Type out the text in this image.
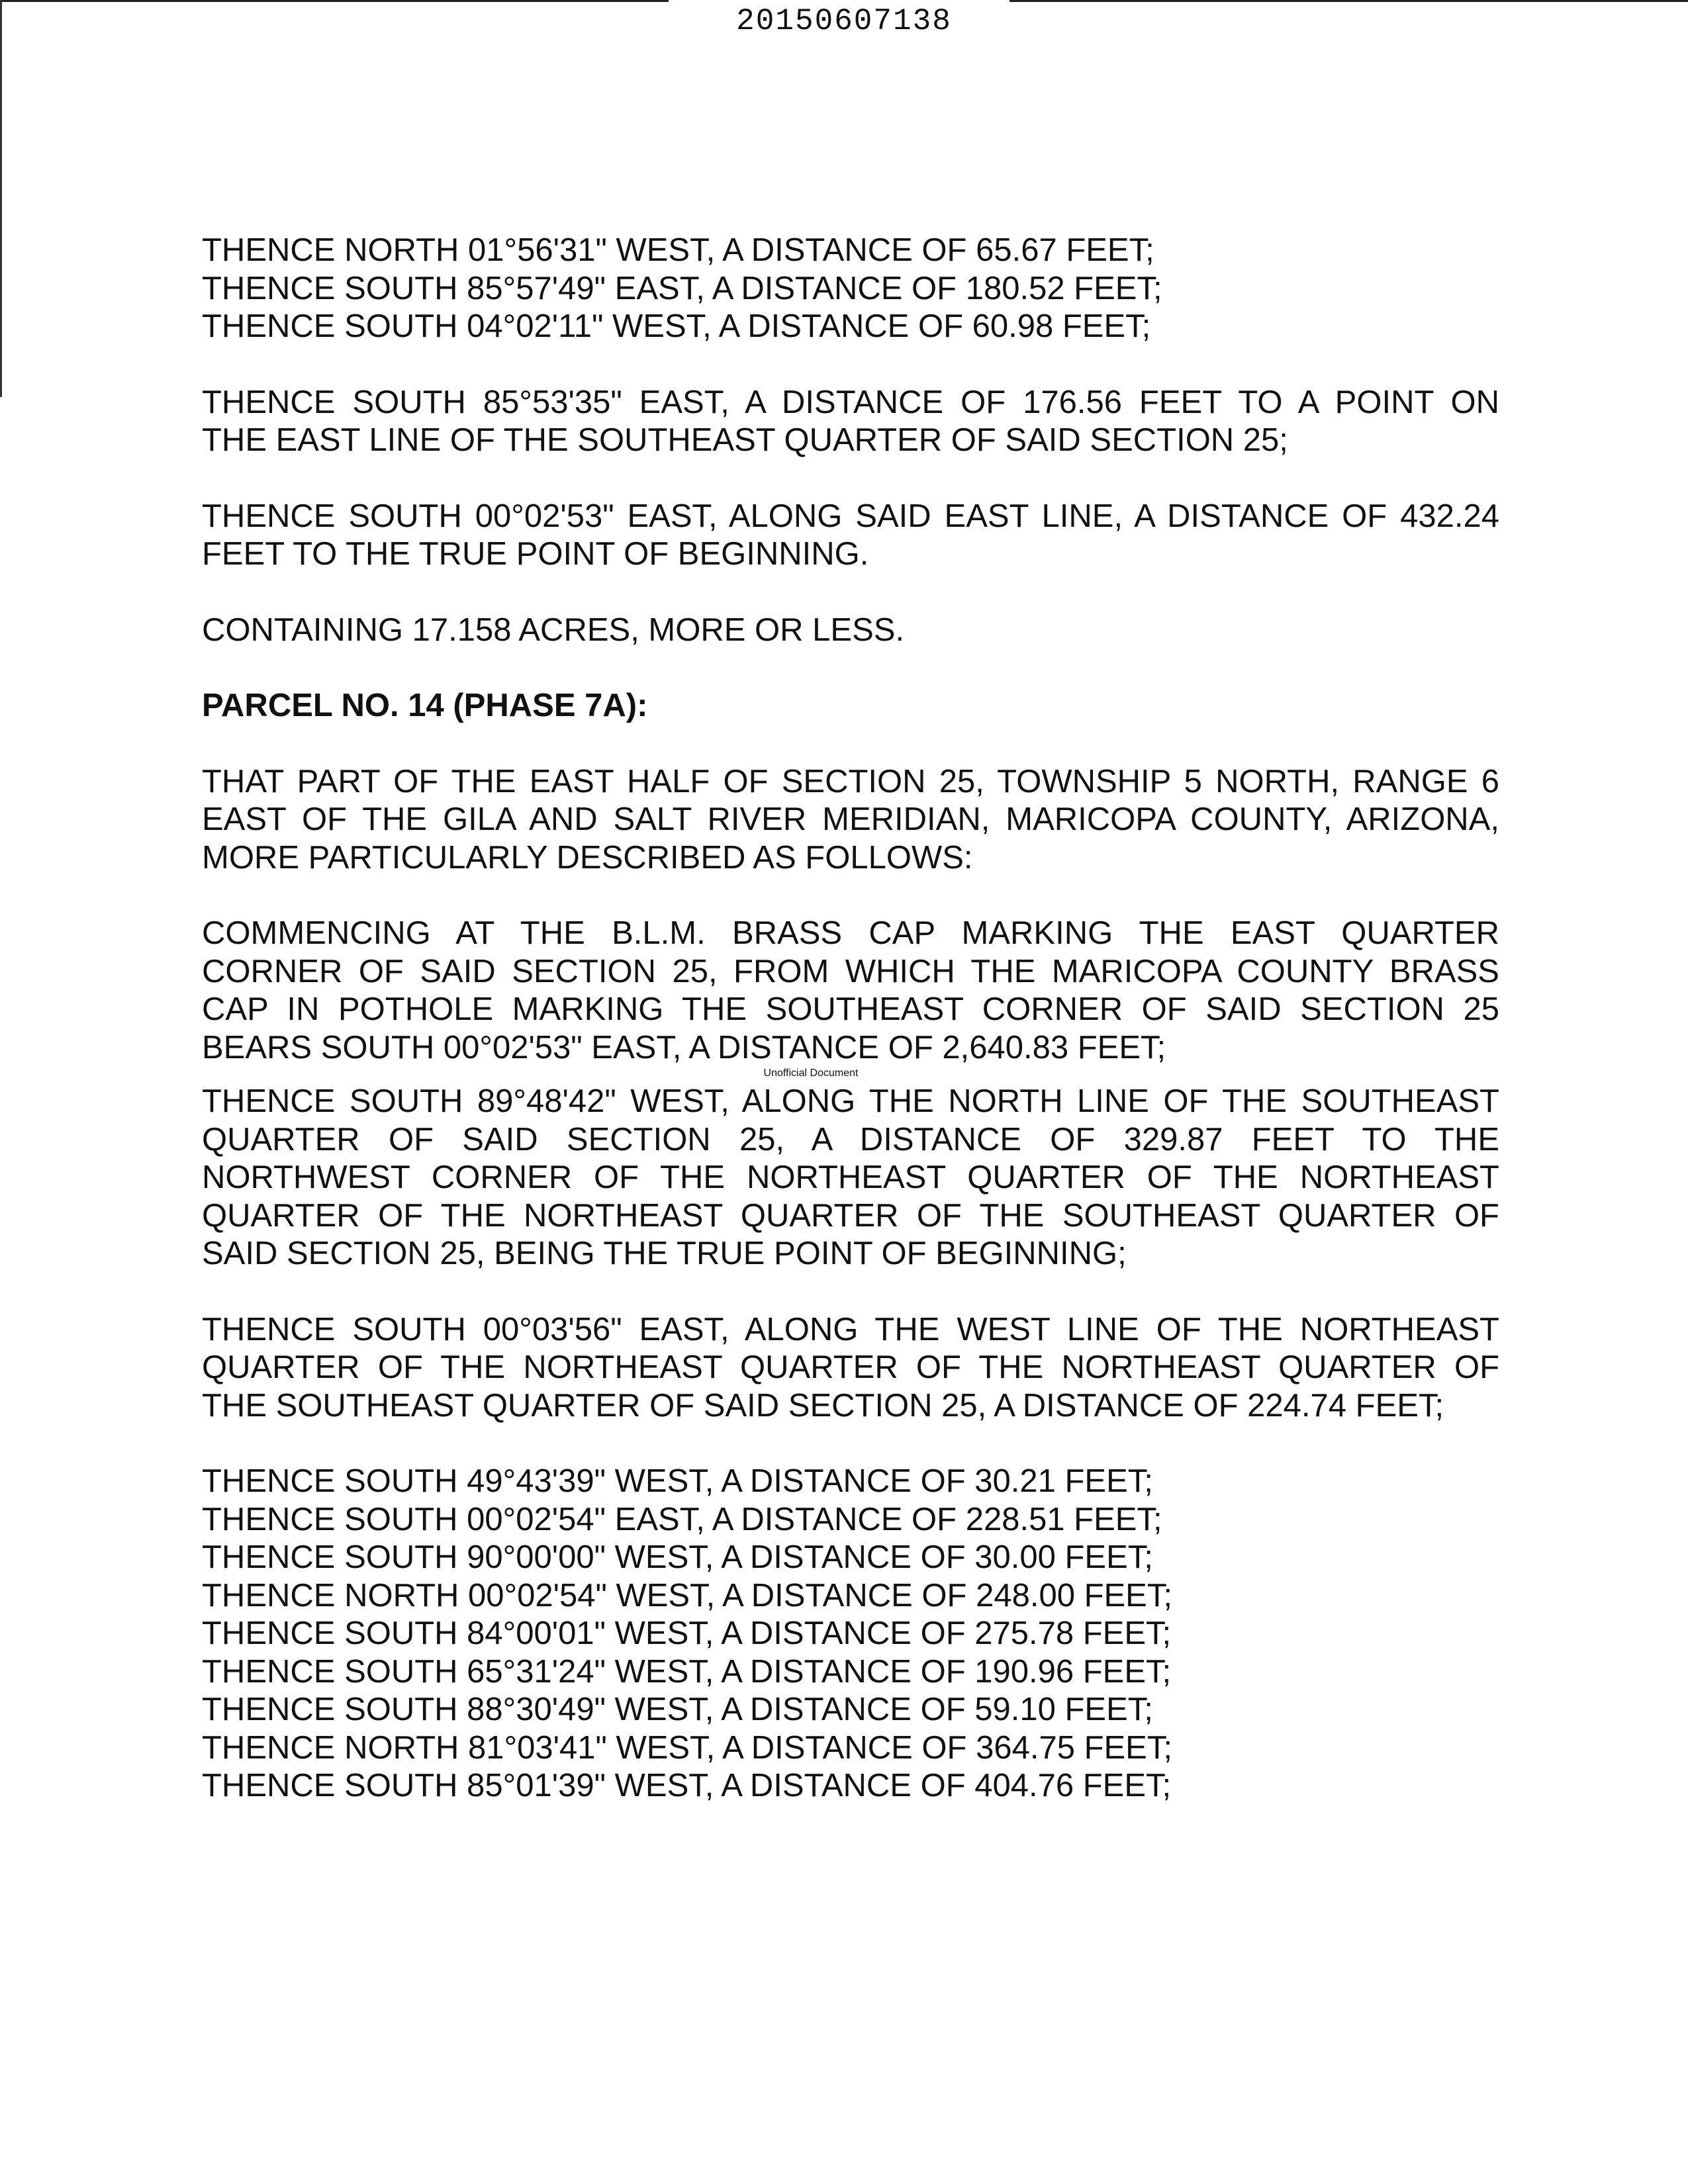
20150607138
THENCE NORTH 01°56'31" WEST, A DISTANCE OF 65.67 FEET;
THENCE SOUTH 85°57'49" EAST, A DISTANCE OF 180.52 FEET;
THENCE SOUTH 04°02'11" WEST, A DISTANCE OF 60.98 FEET;
THENCE SOUTH 85°53'35" EAST, A DISTANCE OF 176.56 FEET TO A POINT ON
THE EAST LINE OF THE SOUTHEAST QUARTER OF SAID SECTION 25;
THENCE SOUTH 00°02'53" EAST, ALONG SAID EAST LINE, A DISTANCE OF 432.24
FEET TO THE TRUE POINT OF BEGINNING.
CONTAINING 17.158 ACRES, MORE OR LESS.
PARCEL NO. 14 (PHASE 7A):
THAT PART OF THE EAST HALF OF SECTION 25, TOWNSHIP 5 NORTH, RANGE 6
EAST OF THE GILA AND SALT RIVER MERIDIAN, MARICOPA COUNTY, ARIZONA,
MORE PARTICULARLY DESCRIBED AS FOLLOWS:
COMMENCING AT THE B.L.M. BRASS CAP MARKING THE EAST QUARTER
CORNER OF SAID SECTION 25, FROM WHICH THE MARICOPA COUNTY BRASS
CAP IN POTHOLE MARKING THE SOUTHEAST CORNER OF SAID SECTION 25
BEARS SOUTH 00°02'53" EAST, A DISTANCE OF 2,640.83 FEET;
Unofficial Document
THENCE SOUTH 89°48'42" WEST, ALONG THE NORTH LINE OF THE SOUTHEAST
QUARTER OF SAID SECTION 25, A DISTANCE OF 329.87 FEET TO THE
NORTHWEST CORNER OF THE NORTHEAST QUARTER OF THE NORTHEAST
QUARTER OF THE NORTHEAST QUARTER OF THE SOUTHEAST QUARTER OF
SAID SECTION 25, BEING THE TRUE POINT OF BEGINNING;
THENCE SOUTH 00°03'56" EAST, ALONG THE WEST LINE OF THE NORTHEAST
QUARTER OF THE NORTHEAST QUARTER OF THE NORTHEAST QUARTER OF
THE SOUTHEAST QUARTER OF SAID SECTION 25, A DISTANCE OF 224.74 FEET;
THENCE SOUTH 49°43'39" WEST, A DISTANCE OF 30.21 FEET;
THENCE SOUTH 00°02'54" EAST, A DISTANCE OF 228.51 FEET;
THENCE SOUTH 90°00'00" WEST, A DISTANCE OF 30.00 FEET;
THENCE NORTH 00°02'54" WEST, A DISTANCE OF 248.00 FEET;
THENCE SOUTH 84°00'01" WEST, A DISTANCE OF 275.78 FEET;
THENCE SOUTH 65°31'24" WEST, A DISTANCE OF 190.96 FEET;
THENCE SOUTH 88°30'49" WEST, A DISTANCE OF 59.10 FEET;
THENCE NORTH 81°03'41" WEST, A DISTANCE OF 364.75 FEET;
THENCE SOUTH 85°01'39" WEST, A DISTANCE OF 404.76 FEET;
